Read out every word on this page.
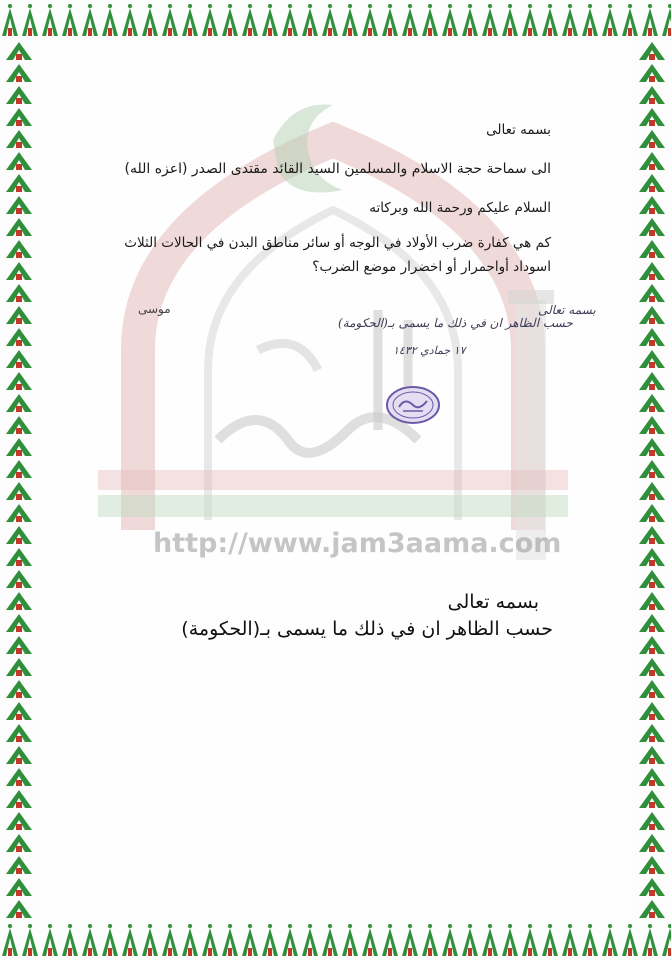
http://www.jam3aama.com
بسمه تعالى
الى سماحة حجة الاسلام والمسلمين السيد القائد مقتدى الصدر (اعزه الله)
السلام عليكم ورحمة الله وبركاته
كم هي كفارة ضرب الأولاد في الوجه أو سائر مناطق البدن في الحالات الثلاث
اسوداد أواحمرار أو اخضرار موضع الضرب؟
موسى	بسمه تعالى
حسب الظاهر ان في ذلك ما يسمى بـ(الحكومة)
١٧ جمادي ١٤٣٢
بسمه تعالى
حسب الظاهر ان في ذلك ما يسمى بـ(الحكومة)
